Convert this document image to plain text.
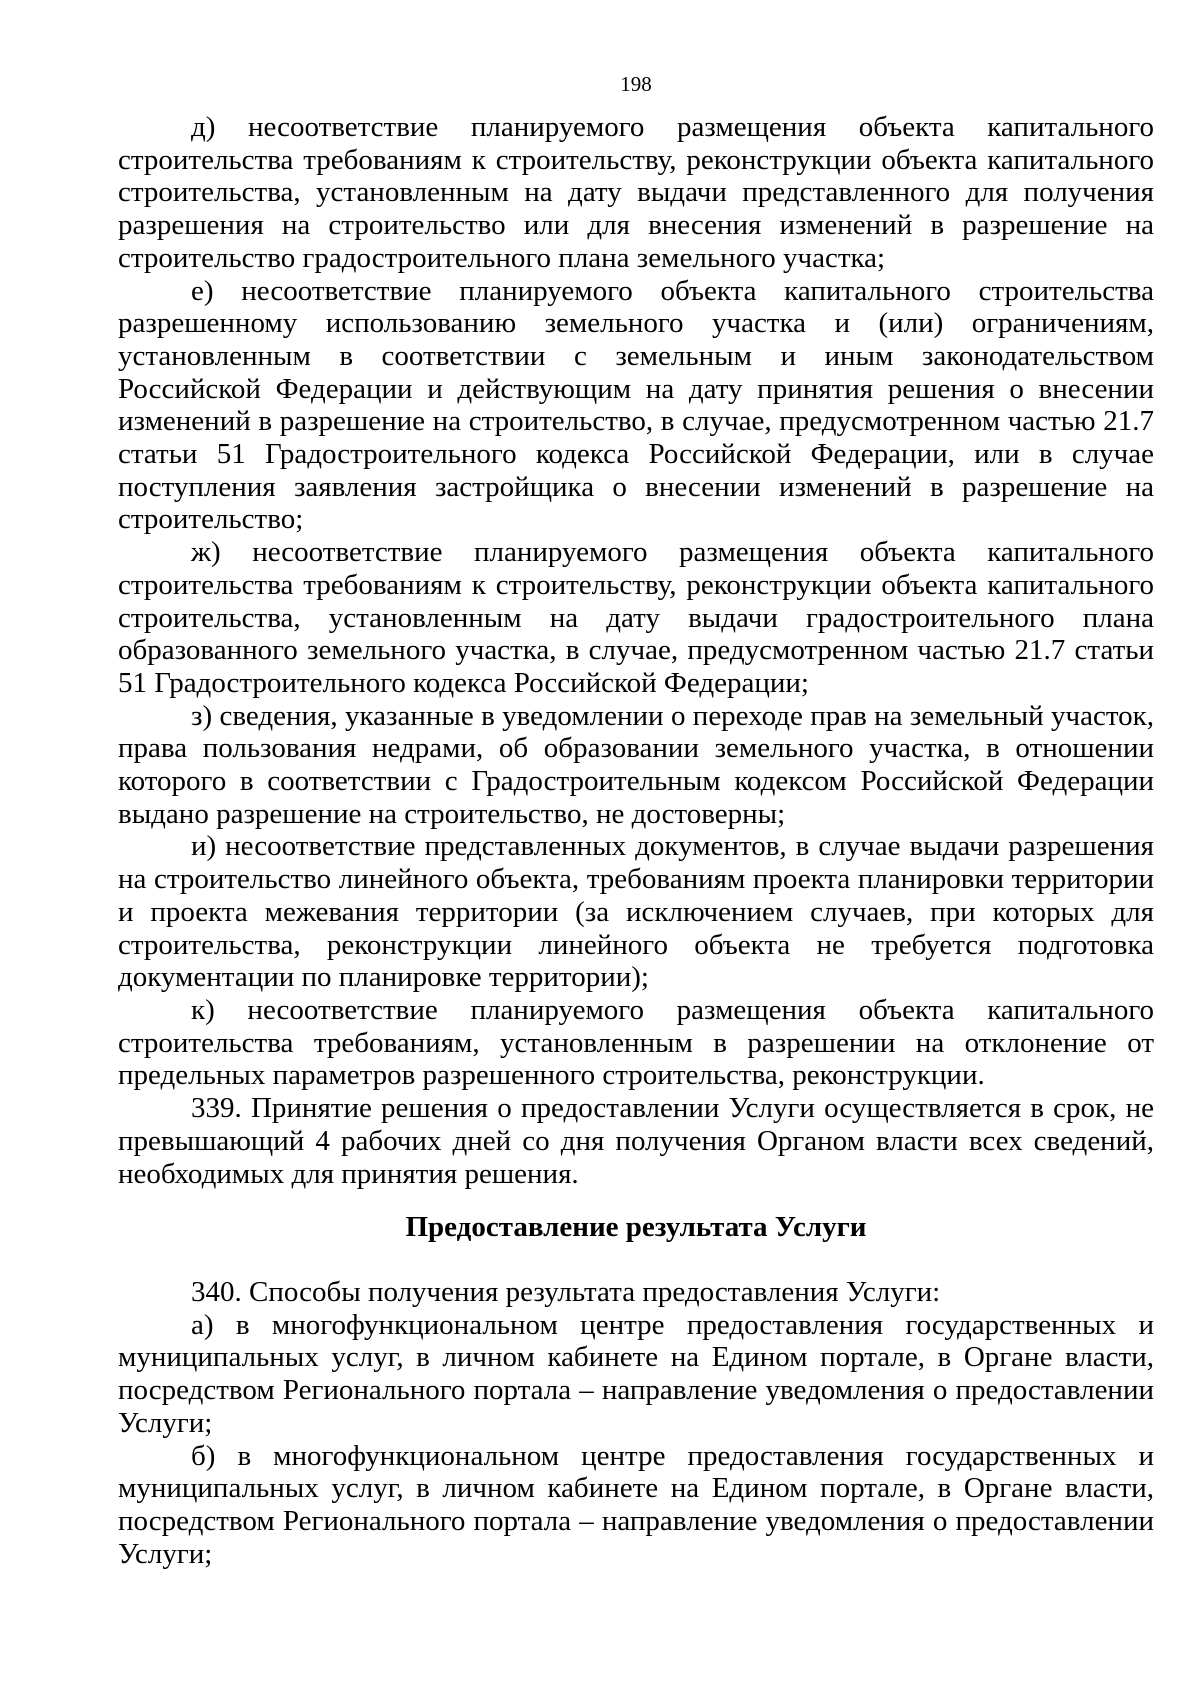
198

д) несоответствие планируемого размещения объекта капитального строительства требованиям к строительству, реконструкции объекта капитального строительства, установленным на дату выдачи представленного для получения разрешения на строительство или для внесения изменений в разрешение на строительство градостроительного плана земельного участка;

е) несоответствие планируемого объекта капитального строительства разрешенному использованию земельного участка и (или) ограничениям, установленным в соответствии с земельным и иным законодательством Российской Федерации и действующим на дату принятия решения о внесении изменений в разрешение на строительство, в случае, предусмотренном частью 21.7 статьи 51 Градостроительного кодекса Российской Федерации, или в случае поступления заявления застройщика о внесении изменений в разрешение на строительство;

ж) несоответствие планируемого размещения объекта капитального строительства требованиям к строительству, реконструкции объекта капитального строительства, установленным на дату выдачи градостроительного плана образованного земельного участка, в случае, предусмотренном частью 21.7 статьи 51 Градостроительного кодекса Российской Федерации;

з) сведения, указанные в уведомлении о переходе прав на земельный участок, права пользования недрами, об образовании земельного участка, в отношении которого в соответствии с Градостроительным кодексом Российской Федерации выдано разрешение на строительство, не достоверны;

и) несоответствие представленных документов, в случае выдачи разрешения на строительство линейного объекта, требованиям проекта планировки территории и проекта межевания территории (за исключением случаев, при которых для строительства, реконструкции линейного объекта не требуется подготовка документации по планировке территории);

к) несоответствие планируемого размещения объекта капитального строительства требованиям, установленным в разрешении на отклонение от предельных параметров разрешенного строительства, реконструкции.

339. Принятие решения о предоставлении Услуги осуществляется в срок, не превышающий 4 рабочих дней со дня получения Органом власти всех сведений, необходимых для принятия решения.

Предоставление результата Услуги

340. Способы получения результата предоставления Услуги:

а) в многофункциональном центре предоставления государственных и муниципальных услуг, в личном кабинете на Едином портале, в Органе власти, посредством Регионального портала – направление уведомления о предоставлении Услуги;

б) в многофункциональном центре предоставления государственных и муниципальных услуг, в личном кабинете на Едином портале, в Органе власти, посредством Регионального портала – направление уведомления о предоставлении Услуги;
